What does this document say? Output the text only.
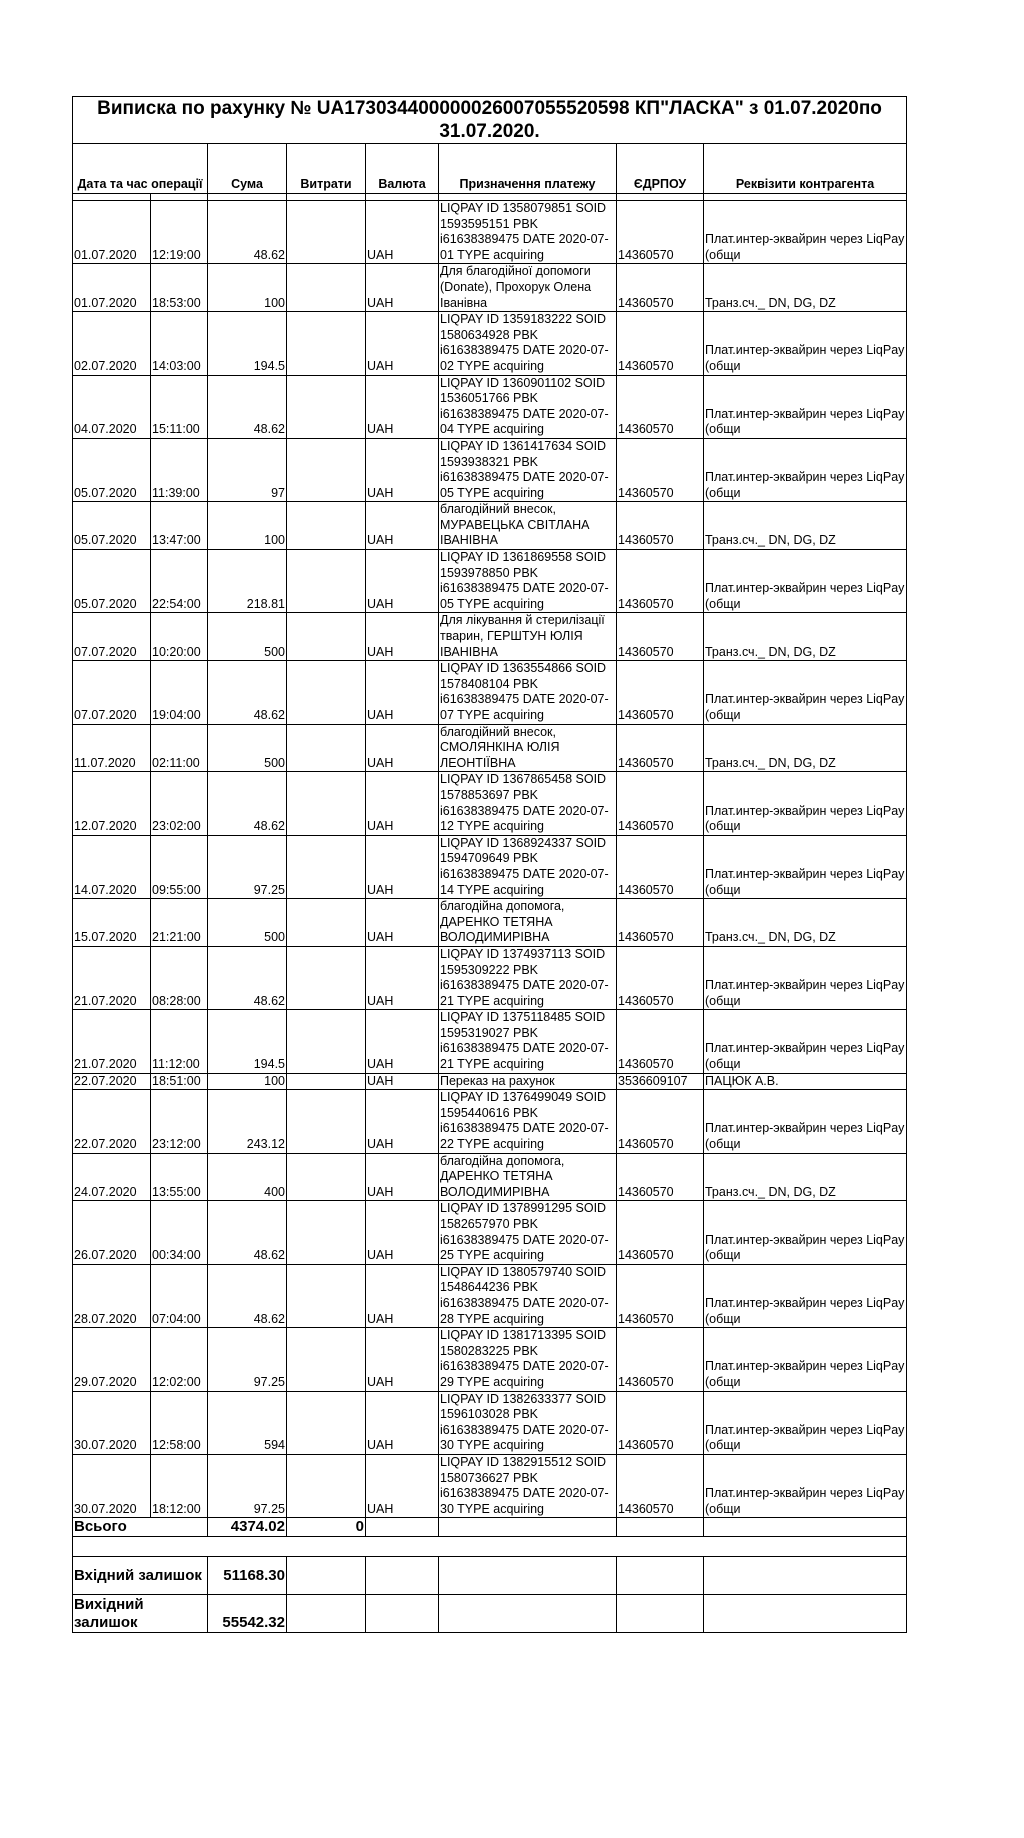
Виписка по рахунку № UA173034400000026007055520598 КП"ЛАСКА" з 01.07.2020по 31.07.2020.							
Дата та час операції		Сума	Витрати	Валюта	Призначення платежу	ЄДРПОУ	Реквізити контрагента

01.07.2020	12:19:00	48.62		UAH	LIQPAY ID 1358079851 SOID 1593595151 PBK i61638389475 DATE 2020-07-01 TYPE acquiring	14360570	Плат.интер-эквайрин через LiqPay (общи
01.07.2020	18:53:00	100		UAH	Для благодійної допомоги (Donate), Прохорук Олена Іванівна	14360570	Транз.сч._ DN, DG, DZ
02.07.2020	14:03:00	194.5		UAH	LIQPAY ID 1359183222 SOID 1580634928 PBK i61638389475 DATE 2020-07-02 TYPE acquiring	14360570	Плат.интер-эквайрин через LiqPay (общи
04.07.2020	15:11:00	48.62		UAH	LIQPAY ID 1360901102 SOID 1536051766 PBK i61638389475 DATE 2020-07-04 TYPE acquiring	14360570	Плат.интер-эквайрин через LiqPay (общи
05.07.2020	11:39:00	97		UAH	LIQPAY ID 1361417634 SOID 1593938321 PBK i61638389475 DATE 2020-07-05 TYPE acquiring	14360570	Плат.интер-эквайрин через LiqPay (общи
05.07.2020	13:47:00	100		UAH	благодійний внесок, МУРАВЕЦЬКА СВІТЛАНА ІВАНІВНА	14360570	Транз.сч._ DN, DG, DZ
05.07.2020	22:54:00	218.81		UAH	LIQPAY ID 1361869558 SOID 1593978850 PBK i61638389475 DATE 2020-07-05 TYPE acquiring	14360570	Плат.интер-эквайрин через LiqPay (общи
07.07.2020	10:20:00	500		UAH	Для лікування й стерилізації тварин, ГЕРШТУН ЮЛІЯ ІВАНІВНА	14360570	Транз.сч._ DN, DG, DZ
07.07.2020	19:04:00	48.62		UAH	LIQPAY ID 1363554866 SOID 1578408104 PBK i61638389475 DATE 2020-07-07 TYPE acquiring	14360570	Плат.интер-эквайрин через LiqPay (общи
11.07.2020	02:11:00	500		UAH	благодійний внесок, СМОЛЯНКІНА ЮЛІЯ ЛЕОНТІЇВНА	14360570	Транз.сч._ DN, DG, DZ
12.07.2020	23:02:00	48.62		UAH	LIQPAY ID 1367865458 SOID 1578853697 PBK i61638389475 DATE 2020-07-12 TYPE acquiring	14360570	Плат.интер-эквайрин через LiqPay (общи
14.07.2020	09:55:00	97.25		UAH	LIQPAY ID 1368924337 SOID 1594709649 PBK i61638389475 DATE 2020-07-14 TYPE acquiring	14360570	Плат.интер-эквайрин через LiqPay (общи
15.07.2020	21:21:00	500		UAH	благодійна допомога, ДАРЕНКО ТЕТЯНА ВОЛОДИМИРІВНА	14360570	Транз.сч._ DN, DG, DZ
21.07.2020	08:28:00	48.62		UAH	LIQPAY ID 1374937113 SOID 1595309222 PBK i61638389475 DATE 2020-07-21 TYPE acquiring	14360570	Плат.интер-эквайрин через LiqPay (общи
21.07.2020	11:12:00	194.5		UAH	LIQPAY ID 1375118485 SOID 1595319027 PBK i61638389475 DATE 2020-07-21 TYPE acquiring	14360570	Плат.интер-эквайрин через LiqPay (общи
22.07.2020	18:51:00	100		UAH	Переказ на рахунок	3536609107	ПАЦЮК А.В.
22.07.2020	23:12:00	243.12		UAH	LIQPAY ID 1376499049 SOID 1595440616 PBK i61638389475 DATE 2020-07-22 TYPE acquiring	14360570	Плат.интер-эквайрин через LiqPay (общи
24.07.2020	13:55:00	400		UAH	благодійна допомога, ДАРЕНКО ТЕТЯНА ВОЛОДИМИРІВНА	14360570	Транз.сч._ DN, DG, DZ
26.07.2020	00:34:00	48.62		UAH	LIQPAY ID 1378991295 SOID 1582657970 PBK i61638389475 DATE 2020-07-25 TYPE acquiring	14360570	Плат.интер-эквайрин через LiqPay (общи
28.07.2020	07:04:00	48.62		UAH	LIQPAY ID 1380579740 SOID 1548644236 PBK i61638389475 DATE 2020-07-28 TYPE acquiring	14360570	Плат.интер-эквайрин через LiqPay (общи
29.07.2020	12:02:00	97.25		UAH	LIQPAY ID 1381713395 SOID 1580283225 PBK i61638389475 DATE 2020-07-29 TYPE acquiring	14360570	Плат.интер-эквайрин через LiqPay (общи
30.07.2020	12:58:00	594		UAH	LIQPAY ID 1382633377 SOID 1596103028 PBK i61638389475 DATE 2020-07-30 TYPE acquiring	14360570	Плат.интер-эквайрин через LiqPay (общи
30.07.2020	18:12:00	97.25		UAH	LIQPAY ID 1382915512 SOID 1580736627 PBK i61638389475 DATE 2020-07-30 TYPE acquiring	14360570	Плат.интер-эквайрин через LiqPay (общи
Всього		4374.02	0				

Вхідний залишок		51168.30					
Вихідний залишок		55542.32					
